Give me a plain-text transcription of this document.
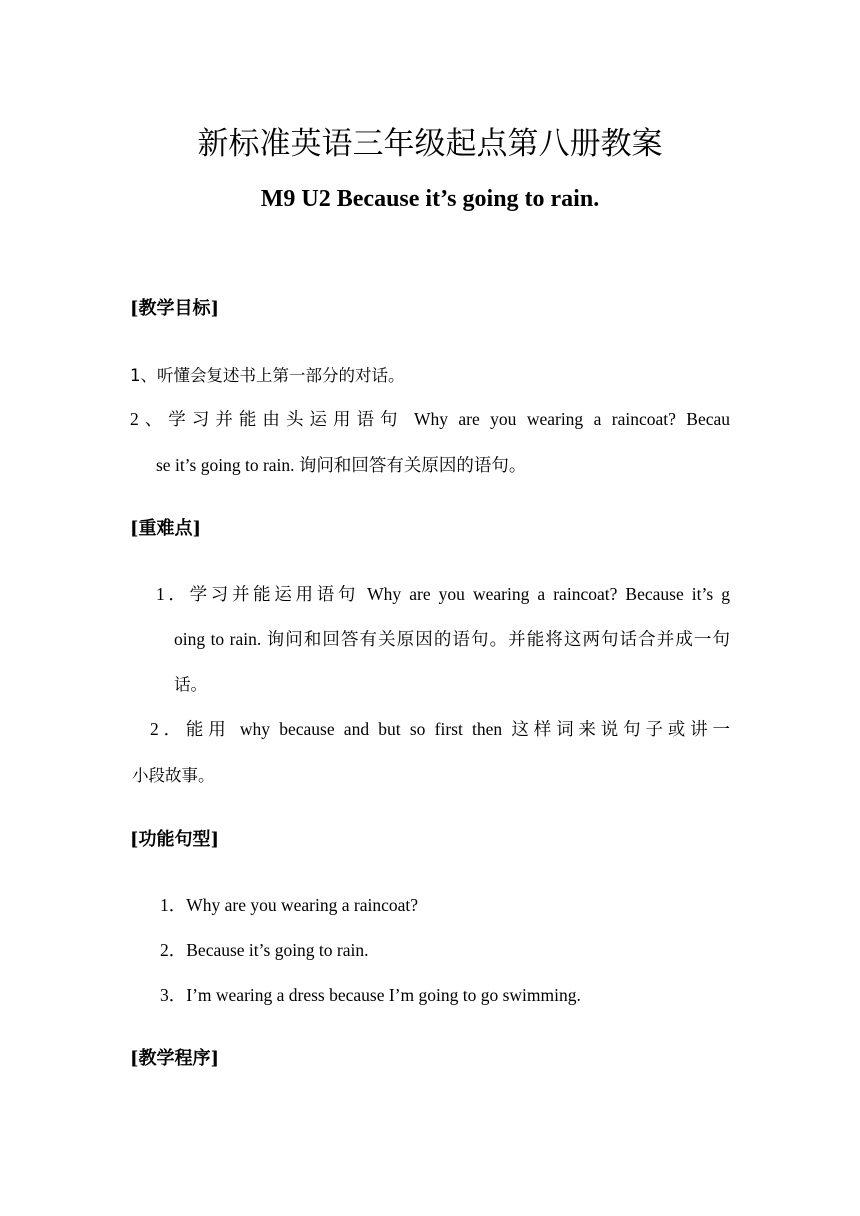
新标准英语三年级起点第八册教案
M9 U2 Because it’s going to rain.
[教学目标]
1、听懂会复述书上第一部分的对话。
2、学习并能由头运用语句 Why are you wearing a raincoat? Becau
se it’s going to rain. 询问和回答有关原因的语句。
[重难点]
1．学习并能运用语句 Why are you wearing a raincoat? Because it’s g
oing to rain. 询问和回答有关原因的语句。并能将这两句话合并成一句
话。
2．能用 why because and but so first then 这样词来说句子或讲一
小段故事。
[功能句型]
1．Why are you wearing a raincoat?
2．Because it’s going to rain.
3．I’m wearing a dress because I’m going to go swimming.
[教学程序]
